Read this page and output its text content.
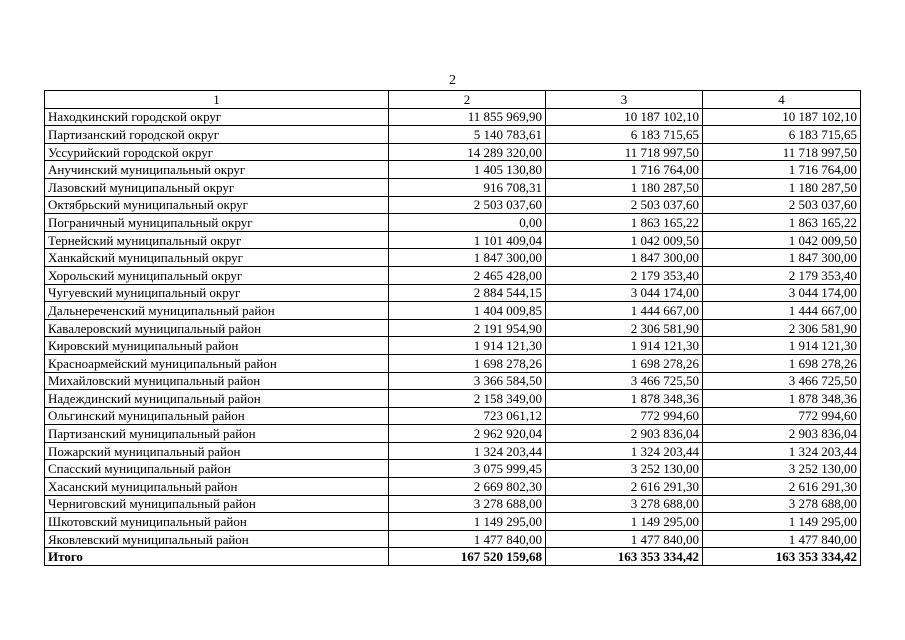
2
1	2	3	4
Находкинский городской округ	11 855 969,90	10 187 102,10	10 187 102,10
Партизанский городской округ	5 140 783,61	6 183 715,65	6 183 715,65
Уссурийский городской округ	14 289 320,00	11 718 997,50	11 718 997,50
Анучинский муниципальный округ	1 405 130,80	1 716 764,00	1 716 764,00
Лазовский муниципальный округ	916 708,31	1 180 287,50	1 180 287,50
Октябрьский муниципальный округ	2 503 037,60	2 503 037,60	2 503 037,60
Пограничный муниципальный округ	0,00	1 863 165,22	1 863 165,22
Тернейский муниципальный округ	1 101 409,04	1 042 009,50	1 042 009,50
Ханкайский муниципальный округ	1 847 300,00	1 847 300,00	1 847 300,00
Хорольский муниципальный округ	2 465 428,00	2 179 353,40	2 179 353,40
Чугуевский муниципальный округ	2 884 544,15	3 044 174,00	3 044 174,00
Дальнереченский муниципальный район	1 404 009,85	1 444 667,00	1 444 667,00
Кавалеровский муниципальный район	2 191 954,90	2 306 581,90	2 306 581,90
Кировский муниципальный район	1 914 121,30	1 914 121,30	1 914 121,30
Красноармейский муниципальный район	1 698 278,26	1 698 278,26	1 698 278,26
Михайловский муниципальный район	3 366 584,50	3 466 725,50	3 466 725,50
Надеждинский муниципальный район	2 158 349,00	1 878 348,36	1 878 348,36
Ольгинский муниципальный район	723 061,12	772 994,60	772 994,60
Партизанский муниципальный район	2 962 920,04	2 903 836,04	2 903 836,04
Пожарский муниципальный район	1 324 203,44	1 324 203,44	1 324 203,44
Спасский муниципальный район	3 075 999,45	3 252 130,00	3 252 130,00
Хасанский муниципальный район	2 669 802,30	2 616 291,30	2 616 291,30
Черниговский муниципальный район	3 278 688,00	3 278 688,00	3 278 688,00
Шкотовский муниципальный район	1 149 295,00	1 149 295,00	1 149 295,00
Яковлевский муниципальный район	1 477 840,00	1 477 840,00	1 477 840,00
Итого	167 520 159,68	163 353 334,42	163 353 334,42
